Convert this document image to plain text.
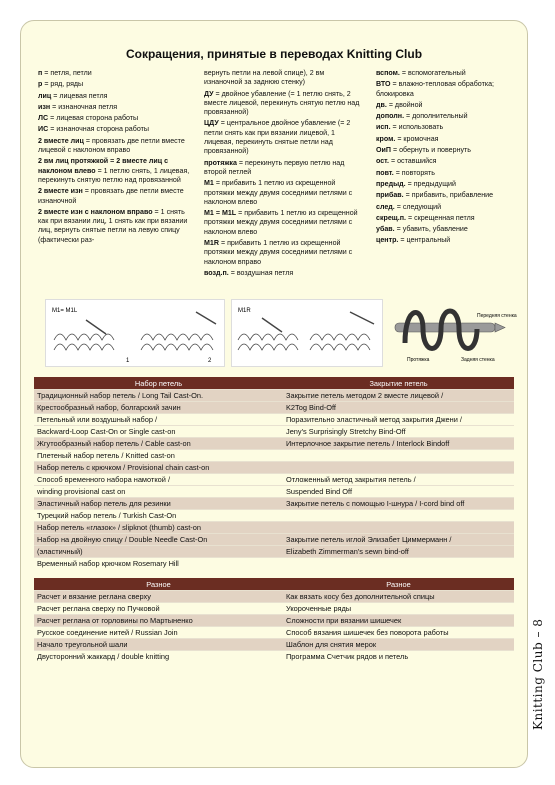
Сокращения, принятые в переводах Knitting Club

п = петля, петли

р = ряд, ряды

лиц = лицевая петля

изн = изнаночная петля

ЛС = лицевая сторона работы

ИС = изнаночная сторона работы

2 вместе лиц = провязать две петли вместе лицевой с наклоном вправо

2 вм лиц протяжкой = 2 вместе лиц с наклоном влево = 1 петлю снять, 1 лицевая, перекинуть снятую петлю над провязанной

2 вместе изн = провязать две петли вместе изнаночной

2 вместе изн с наклоном вправо = 1 снять как при вязании лиц, 1 снять как при вязании лиц, вернуть снятые петли на левую спицу (фактически раз-

вернуть петли на левой спице), 2 вм изнаночной за заднюю стенку)

ДУ = двойное убавление (= 1 петлю снять, 2 вместе лицевой, перекинуть снятую петлю над провязанной)

ЦДУ = центральное двойное убавление (= 2 петли снять как при вязании лицевой, 1 лицевая, перекинуть снятые петли над провязанной)

протяжка = перекинуть первую петлю над второй петлей

M1 = прибавить 1 петлю из скрещенной протяжки между двумя соседними петлями с наклоном влево

M1 = M1L = прибавить 1 петлю из скрещенной протяжки между двумя соседними петлями с наклоном влево

M1R = прибавить 1 петлю из скрещенной протяжки между двумя соседними петлями с наклоном вправо

возд.п. = воздушная петля

вспом. = вспомогательный

ВТО = влажно-тепловая обработка; блокировка

дв. = двойной

дополн. = дополнительный

исп. = использовать

кром. = кромочная

ОиП = обернуть и повернуть

ост. = оставшийся

повт. = повторять

предыд. = предыдущий

прибав. = прибавить, прибавление

след. = следующий

скрещ.п. = скрещенная петля

убав. = убавить, убавление

центр. = центральный

M1= M1L
1	2
M1R
Передняя стенка
Протяжка	Задняя стенка
Набор петель	Закрытие петель
Традиционный набор петель / Long Tail Cast-On.	Закрытие петель методом 2 вместе лицевой /
Крестообразный набор, болгарский зачин	K2Tog Bind-Off
Петельный или воздушный набор /	Поразительно эластичный метод закрытия Джени /
Backward-Loop Cast-On or Single cast-on	Jeny's Surprisingly Stretchy Bind-Off
Жгутообразный набор петель / Cable cast-on	Интерлочное закрытие петель / Interlock Bindoff
Плетеный набор петель / Knitted cast-on	
Набор петель с крючком / Provisional chain cast-on	
Способ временного набора намоткой /	Отложенный метод закрытия петель /
winding provisional cast on	Suspended Bind Off
Эластичный набор петель для резинки	Закрытие петель с помощью I-шнура / I-cord bind off
Турецкий набор петель / Turkish Cast-On	
Набор петель «глазок» / slipknot (thumb) cast-on	
Набор на двойную спицу / Double Needle Cast-On	Закрытие петель иглой Элизабет Циммерманн /
(эластичный)	Elizabeth Zimmerman's sewn bind-off
Временный набор крючком Rosemary Hill	
Разное	Разное
Расчет и вязание реглана сверху	Как вязать косу без дополнительной спицы
Расчет реглана сверху по Пучковой	Укороченные ряды
Расчет реглана от горловины по Мартыненко	Сложности при вязании шишечек
Русское соединение нитей / Russian Join	Способ вязания шишечек без поворота работы
Начало треугольной шали	Шаблон для снятия мерок
Двусторонний жаккард / double knitting	Программа Счетчик рядов и петель	Knitting Club – 8
